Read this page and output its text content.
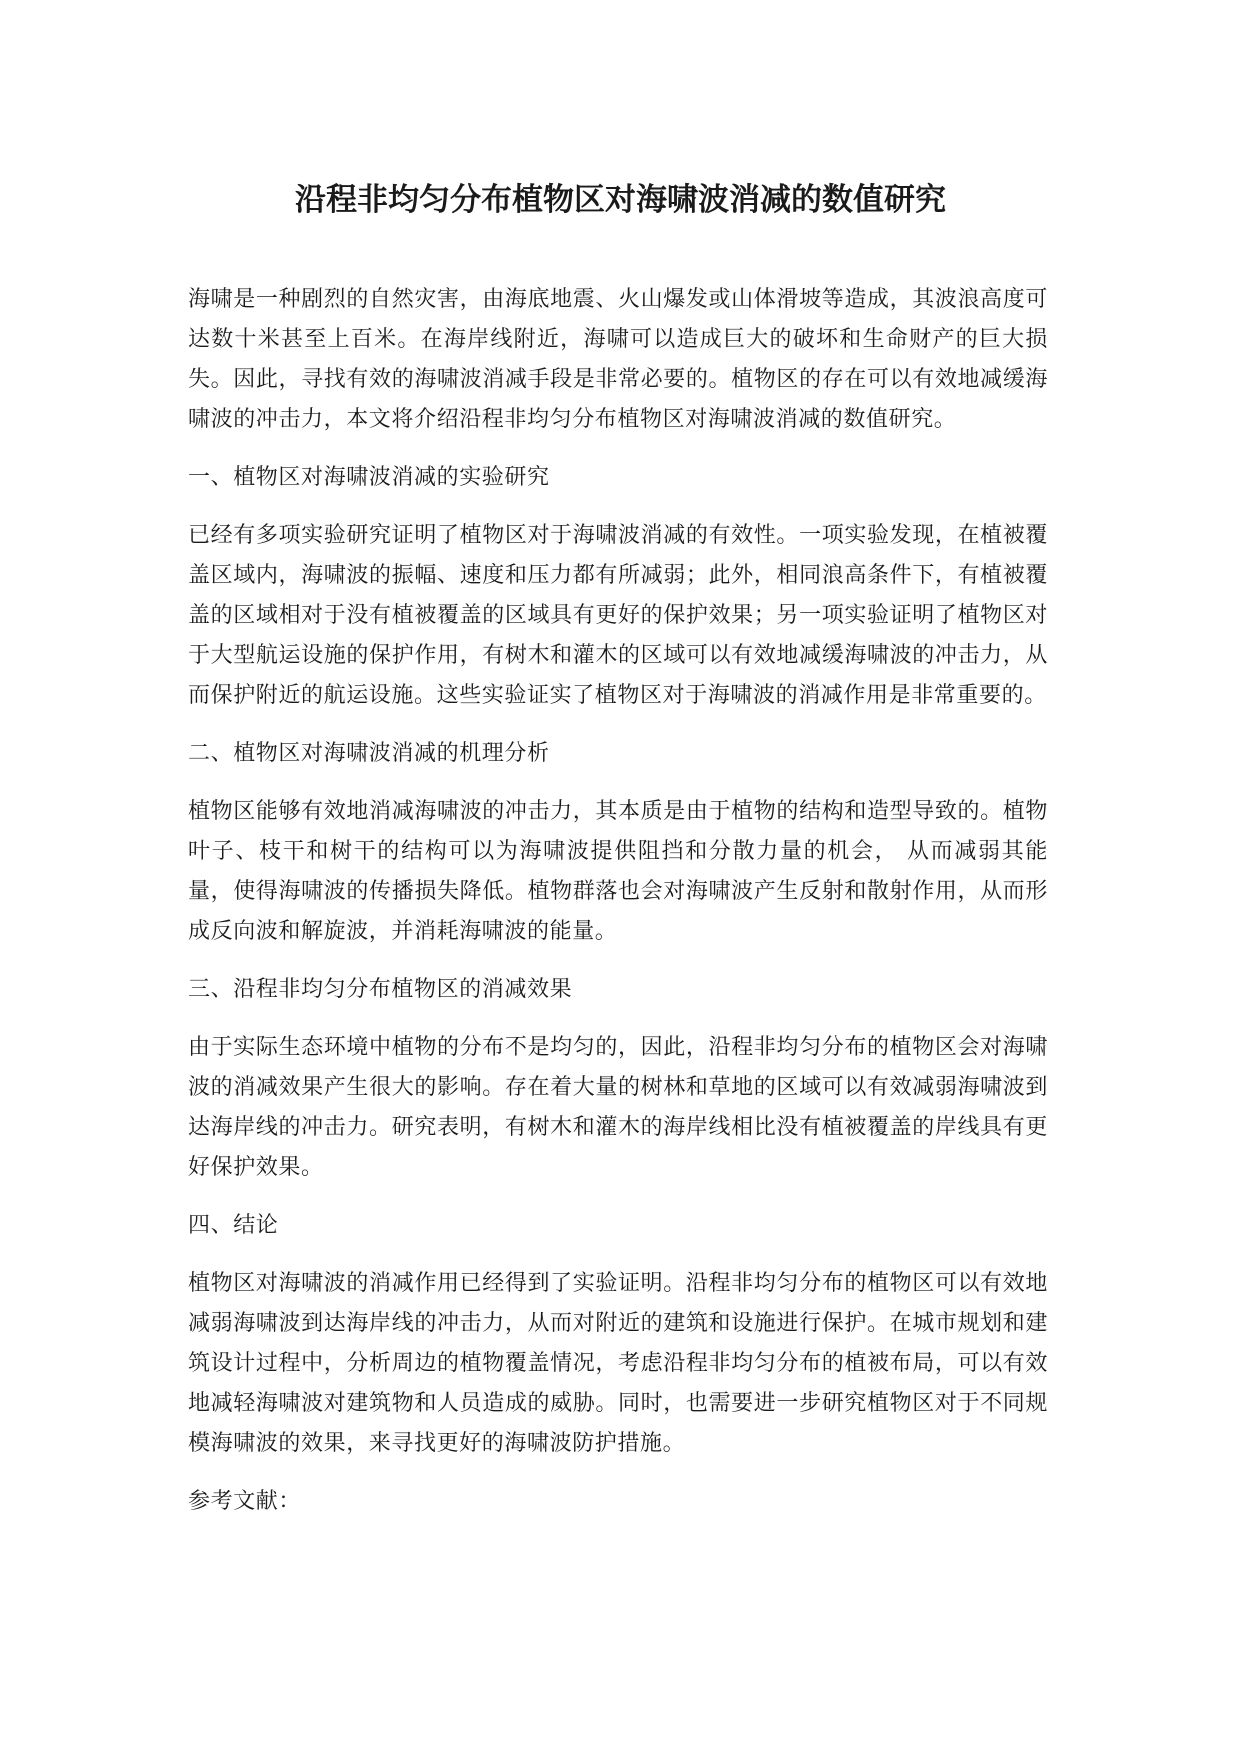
沿程非均匀分布植物区对海啸波消减的数值研究

海啸是一种剧烈的自然灾害，由海底地震、火山爆发或山体滑坡等造成，其波浪高度可达数十米甚至上百米。在海岸线附近，海啸可以造成巨大的破坏和生命财产的巨大损失。因此，寻找有效的海啸波消减手段是非常必要的。植物区的存在可以有效地减缓海啸波的冲击力，本文将介绍沿程非均匀分布植物区对海啸波消减的数值研究。

一、植物区对海啸波消减的实验研究

已经有多项实验研究证明了植物区对于海啸波消减的有效性。一项实验发现，在植被覆盖区域内，海啸波的振幅、速度和压力都有所减弱；此外，相同浪高条件下，有植被覆盖的区域相对于没有植被覆盖的区域具有更好的保护效果；另一项实验证明了植物区对于大型航运设施的保护作用，有树木和灌木的区域可以有效地减缓海啸波的冲击力，从而保护附近的航运设施。这些实验证实了植物区对于海啸波的消减作用是非常重要的。

二、植物区对海啸波消减的机理分析

植物区能够有效地消减海啸波的冲击力，其本质是由于植物的结构和造型导致的。植物叶子、枝干和树干的结构可以为海啸波提供阻挡和分散力量的机会， 从而减弱其能量，使得海啸波的传播损失降低。植物群落也会对海啸波产生反射和散射作用，从而形成反向波和解旋波，并消耗海啸波的能量。

三、沿程非均匀分布植物区的消减效果

由于实际生态环境中植物的分布不是均匀的，因此，沿程非均匀分布的植物区会对海啸波的消减效果产生很大的影响。存在着大量的树林和草地的区域可以有效减弱海啸波到达海岸线的冲击力。研究表明，有树木和灌木的海岸线相比没有植被覆盖的岸线具有更好保护效果。

四、结论

植物区对海啸波的消减作用已经得到了实验证明。沿程非均匀分布的植物区可以有效地减弱海啸波到达海岸线的冲击力，从而对附近的建筑和设施进行保护。在城市规划和建筑设计过程中，分析周边的植物覆盖情况，考虑沿程非均匀分布的植被布局，可以有效地减轻海啸波对建筑物和人员造成的威胁。同时，也需要进一步研究植物区对于不同规模海啸波的效果，来寻找更好的海啸波防护措施。

参考文献：
